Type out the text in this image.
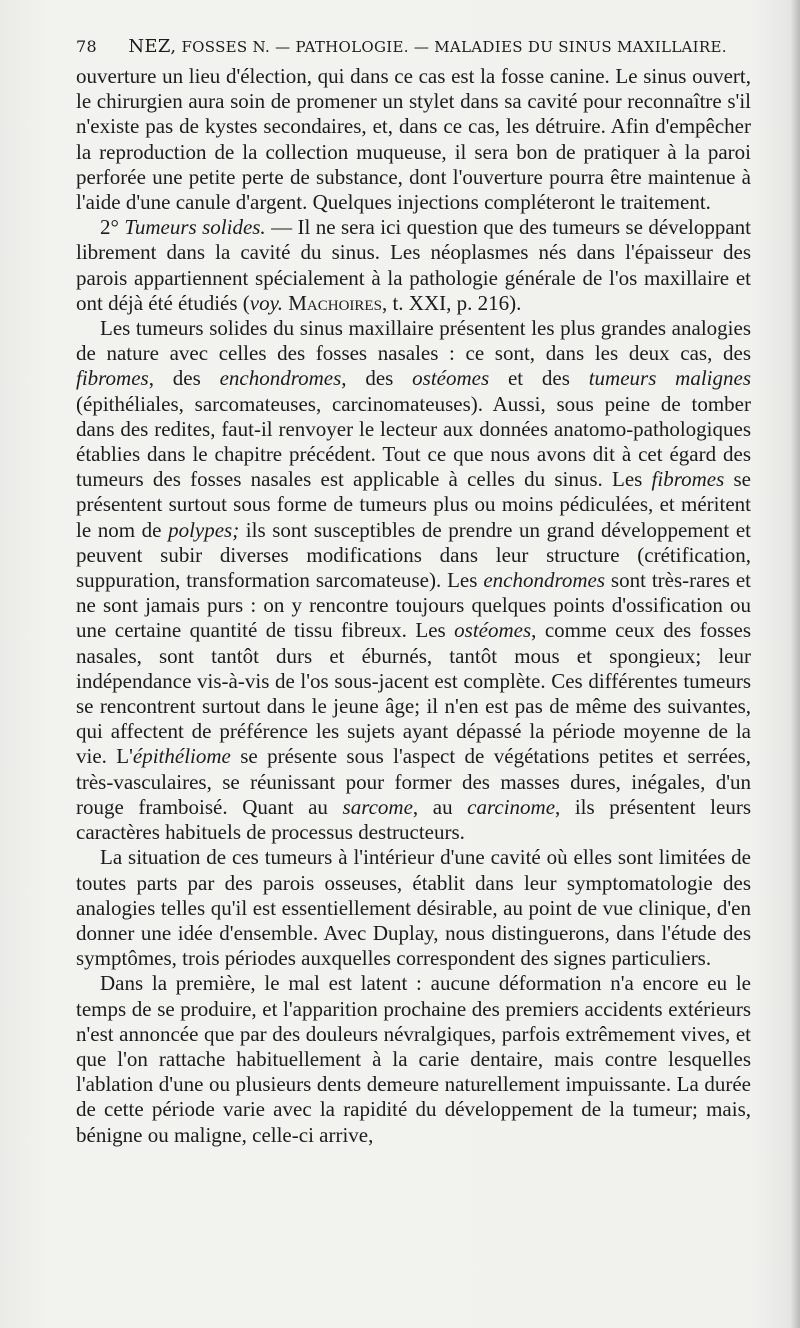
78 NEZ, FOSSES N. — PATHOLOGIE. — MALADIES DU SINUS MAXILLAIRE.

ouverture un lieu d'élection, qui dans ce cas est la fosse canine. Le sinus ouvert, le chirurgien aura soin de promener un stylet dans sa cavité pour reconnaître s'il n'existe pas de kystes secondaires, et, dans ce cas, les détruire. Afin d'empêcher la reproduction de la collection muqueuse, il sera bon de pratiquer à la paroi perforée une petite perte de substance, dont l'ouverture pourra être maintenue à l'aide d'une canule d'argent. Quelques injections compléteront le traitement.

2° Tumeurs solides. — Il ne sera ici question que des tumeurs se développant librement dans la cavité du sinus. Les néoplasmes nés dans l'épaisseur des parois appartiennent spécialement à la pathologie générale de l'os maxillaire et ont déjà été étudiés (voy. Machoires, t. XXI, p. 216).

Les tumeurs solides du sinus maxillaire présentent les plus grandes analogies de nature avec celles des fosses nasales : ce sont, dans les deux cas, des fibromes, des enchondromes, des ostéomes et des tumeurs malignes (épithéliales, sarcomateuses, carcinomateuses). Aussi, sous peine de tomber dans des redites, faut-il renvoyer le lecteur aux données anatomo-pathologiques établies dans le chapitre précédent. Tout ce que nous avons dit à cet égard des tumeurs des fosses nasales est applicable à celles du sinus. Les fibromes se présentent surtout sous forme de tumeurs plus ou moins pédiculées, et méritent le nom de polypes; ils sont susceptibles de prendre un grand développement et peuvent subir diverses modifications dans leur structure (crétification, suppuration, transformation sarcomateuse). Les enchondromes sont très-rares et ne sont jamais purs : on y rencontre toujours quelques points d'ossification ou une certaine quantité de tissu fibreux. Les ostéomes, comme ceux des fosses nasales, sont tantôt durs et éburnés, tantôt mous et spongieux; leur indépendance vis-à-vis de l'os sous-jacent est complète. Ces différentes tumeurs se rencontrent surtout dans le jeune âge; il n'en est pas de même des suivantes, qui affectent de préférence les sujets ayant dépassé la période moyenne de la vie. L'épithéliome se présente sous l'aspect de végétations petites et serrées, très-vasculaires, se réunissant pour former des masses dures, inégales, d'un rouge framboisé. Quant au sarcome, au carcinome, ils présentent leurs caractères habituels de processus destructeurs.

La situation de ces tumeurs à l'intérieur d'une cavité où elles sont limitées de toutes parts par des parois osseuses, établit dans leur symptomatologie des analogies telles qu'il est essentiellement désirable, au point de vue clinique, d'en donner une idée d'ensemble. Avec Duplay, nous distinguerons, dans l'étude des symptômes, trois périodes auxquelles correspondent des signes particuliers.

Dans la première, le mal est latent : aucune déformation n'a encore eu le temps de se produire, et l'apparition prochaine des premiers accidents extérieurs n'est annoncée que par des douleurs névralgiques, parfois extrêmement vives, et que l'on rattache habituellement à la carie dentaire, mais contre lesquelles l'ablation d'une ou plusieurs dents demeure naturellement impuissante. La durée de cette période varie avec la rapidité du développement de la tumeur; mais, bénigne ou maligne, celle-ci arrive,
